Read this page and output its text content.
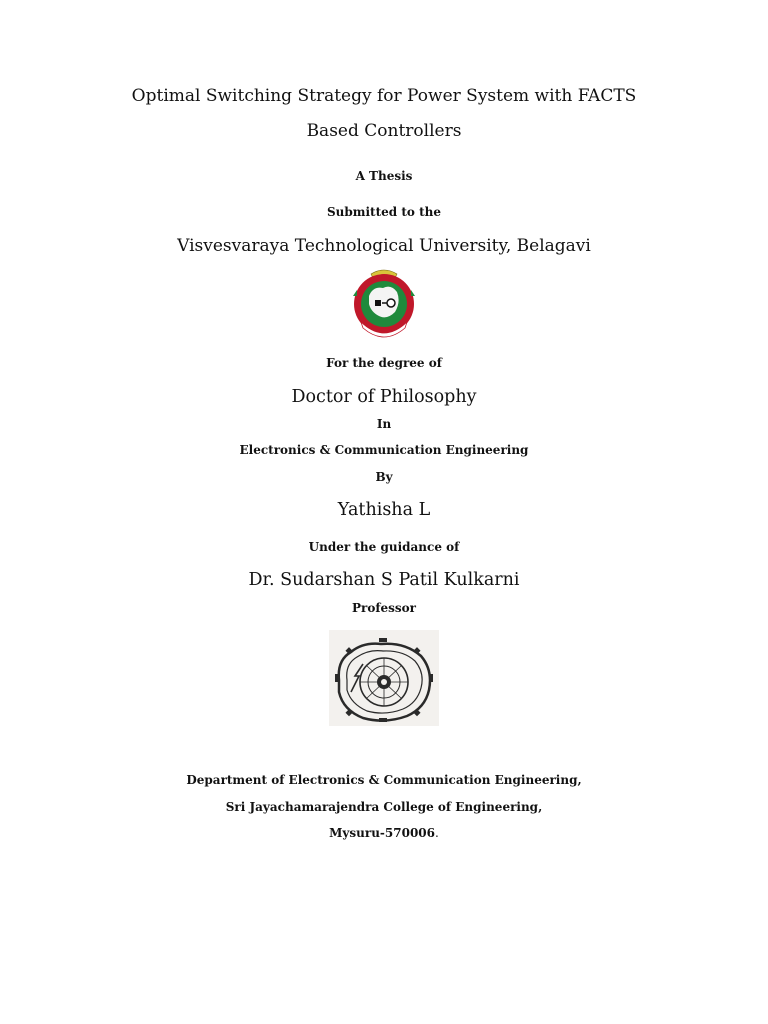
Optimal Switching Strategy for Power System with FACTS
Based Controllers
A Thesis
Submitted to the
Visvesvaraya Technological University, Belagavi
For the degree of
Doctor of Philosophy
In
Electronics & Communication Engineering
By
Yathisha L
Under the guidance of
Dr. Sudarshan S Patil Kulkarni
Professor
Department of Electronics & Communication Engineering,
Sri Jayachamarajendra College of Engineering,
Mysuru-570006.
